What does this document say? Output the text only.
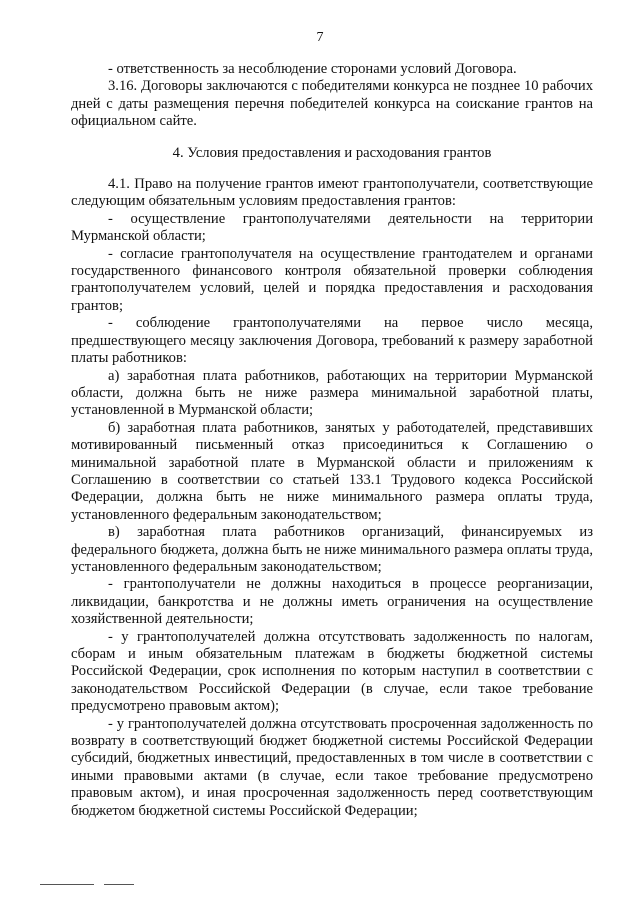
7

- ответственность за несоблюдение сторонами условий Договора.

3.16. Договоры заключаются с победителями конкурса не позднее 10 рабочих дней с даты размещения перечня победителей конкурса на соискание грантов на официальном сайте.

4. Условия предоставления и расходования грантов

4.1. Право на получение грантов имеют грантополучатели, соответствующие следующим обязательным условиям предоставления грантов:

- осуществление грантополучателями деятельности на территории Мурманской области;

- согласие грантополучателя на осуществление грантодателем и органами государственного финансового контроля обязательной проверки соблюдения грантополучателем условий, целей и порядка предоставления и расходования грантов;

- соблюдение грантополучателями на первое число месяца, предшествующего месяцу заключения Договора, требований к размеру заработной платы работников:

а) заработная плата работников, работающих на территории Мурманской области, должна быть не ниже размера минимальной заработной платы, установленной в Мурманской области;

б) заработная плата работников, занятых у работодателей, представивших мотивированный письменный отказ присоединиться к Соглашению о минимальной заработной плате в Мурманской области и приложениям к Соглашению в соответствии со статьей 133.1 Трудового кодекса Российской Федерации, должна быть не ниже минимального размера оплаты труда, установленного федеральным законодательством;

в) заработная плата работников организаций, финансируемых из федерального бюджета, должна быть не ниже минимального размера оплаты труда, установленного федеральным законодательством;

- грантополучатели не должны находиться в процессе реорганизации, ликвидации, банкротства и не должны иметь ограничения на осуществление хозяйственной деятельности;

- у грантополучателей должна отсутствовать задолженность по налогам, сборам и иным обязательным платежам в бюджеты бюджетной системы Российской Федерации, срок исполнения по которым наступил в соответствии с законодательством Российской Федерации (в случае, если такое требование предусмотрено правовым актом);

- у грантополучателей должна отсутствовать просроченная задолженность по возврату в соответствующий бюджет бюджетной системы Российской Федерации субсидий, бюджетных инвестиций, предоставленных в том числе в соответствии с иными правовыми актами (в случае, если такое требование предусмотрено правовым актом), и иная просроченная задолженность перед соответствующим бюджетом бюджетной системы Российской Федерации;
